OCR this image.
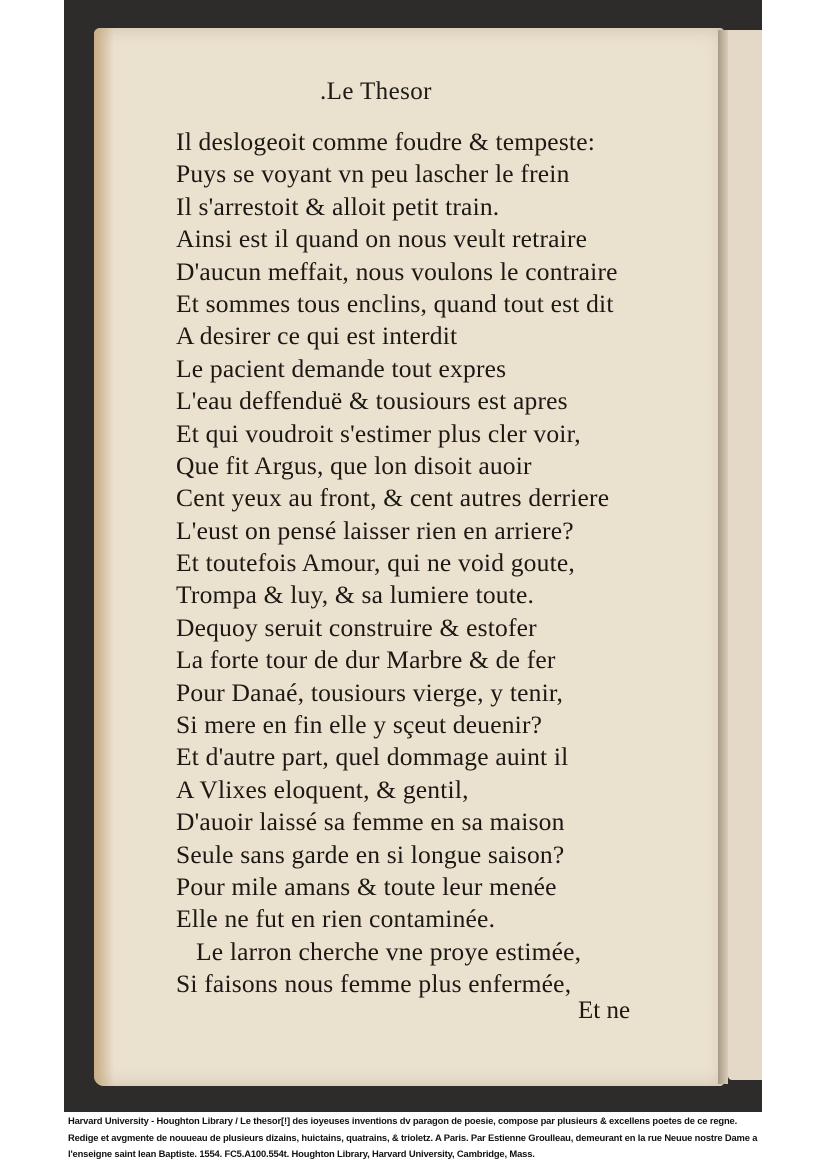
.Le Thesor
Il deslogeoit comme foudre & tempeste:
Puys se voyant vn peu lascher le frein
Il s'arrestoit & alloit petit train.
Ainsi est il quand on nous veult retraire
D'aucun meffait, nous voulons le contraire
Et sommes tous enclins, quand tout est dit
A desirer ce qui est interdit
Le pacient demande tout expres
L'eau deffenduë & tousiours est apres
Et qui voudroit s'estimer plus cler voir,
Que fit Argus, que lon disoit auoir
Cent yeux au front, & cent autres derriere
L'eust on pensé laisser rien en arriere?
Et toutefois Amour, qui ne void goute,
Trompa & luy, & sa lumiere toute.
Dequoy seruit construire & estofer
La forte tour de dur Marbre & de fer
Pour Danaé, tousiours vierge, y tenir,
Si mere en fin elle y sçeut deuenir?
Et d'autre part, quel dommage auint il
A Vlixes eloquent, & gentil,
D'auoir laissé sa femme en sa maison
Seule sans garde en si longue saison?
Pour mile amans & toute leur menée
Elle ne fut en rien contaminée.
Le larron cherche vne proye estimée,
Si faisons nous femme plus enfermée,
Et ne
Harvard University - Houghton Library / Le thesor[!] des ioyeuses inventions dv paragon de poesie, compose par plusieurs & excellens poetes de ce regne. Redige et avgmente de nouueau de plusieurs dizains, huictains, quatrains, & trioletz. A Paris. Par Estienne Groulleau, demeurant en la rue Neuue nostre Dame a l'enseigne saint Iean Baptiste. 1554. FC5.A100.554t. Houghton Library, Harvard University, Cambridge, Mass.
